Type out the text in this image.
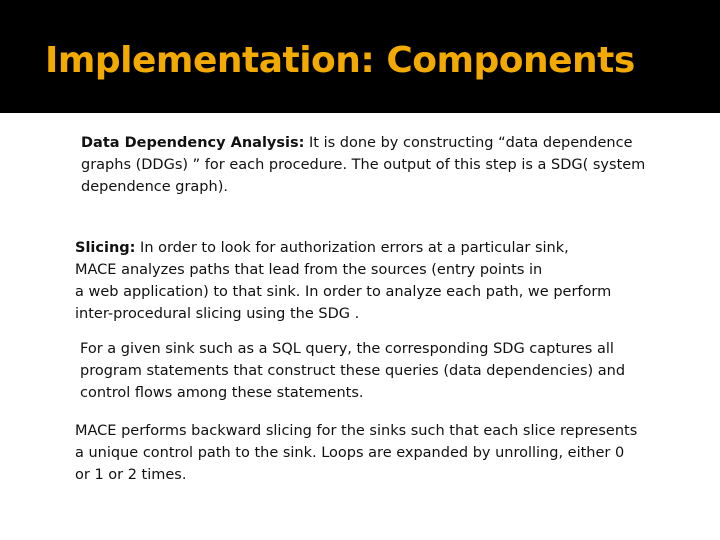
Implementation: Components

Data Dependency Analysis: It is done by constructing “data dependence
graphs (DDGs) ” for each procedure. The output of this step is a SDG( system
dependence graph).

Slicing: In order to look for authorization errors at a particular sink,
MACE analyzes paths that lead from the sources (entry points in
a web application) to that sink. In order to analyze each path, we perform
inter-procedural slicing using the SDG .

For a given sink such as a SQL query, the corresponding SDG captures all
program statements that construct these queries (data dependencies) and
control flows among these statements.

MACE performs backward slicing for the sinks such that each slice represents
a unique control path to the sink. Loops are expanded by unrolling, either 0
or 1 or 2 times.
